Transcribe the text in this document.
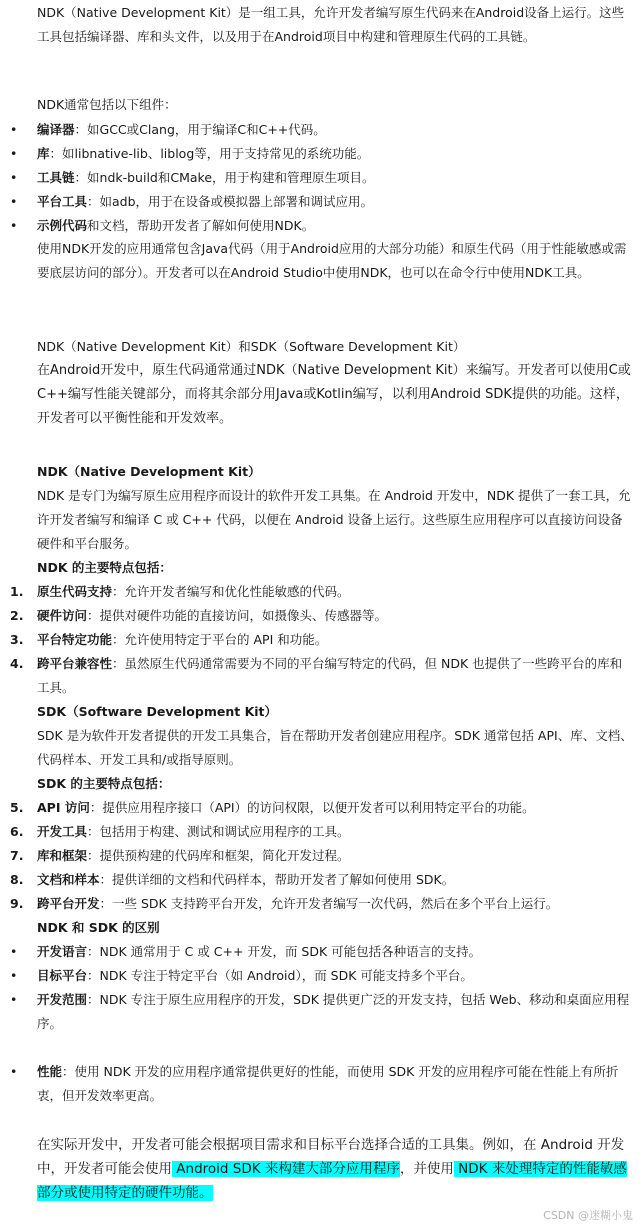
NDK（Native Development Kit）是一组工具，允许开发者编写原生代码来在Android设备上运行。这些工具包括编译器、库和头文件，以及用于在Android项目中构建和管理原生代码的工具链。

NDK通常包括以下组件：

•	编译器：如GCC或Clang，用于编译C和C++代码。
•	库：如libnative-lib、liblog等，用于支持常见的系统功能。
•	工具链：如ndk-build和CMake，用于构建和管理原生项目。
•	平台工具：如adb，用于在设备或模拟器上部署和调试应用。
•	示例代码和文档，帮助开发者了解如何使用NDK。

使用NDK开发的应用通常包含Java代码（用于Android应用的大部分功能）和原生代码（用于性能敏感或需要底层访问的部分）。开发者可以在Android Studio中使用NDK，也可以在命令行中使用NDK工具。

NDK（Native Development Kit）和SDK（Software Development Kit）

在Android开发中，原生代码通常通过NDK（Native Development Kit）来编写。开发者可以使用C或C++编写性能关键部分，而将其余部分用Java或Kotlin编写，以利用Android SDK提供的功能。这样，开发者可以平衡性能和开发效率。

NDK（Native Development Kit）

NDK 是专门为编写原生应用程序而设计的软件开发工具集。在 Android 开发中，NDK 提供了一套工具，允许开发者编写和编译 C 或 C++ 代码，以便在 Android 设备上运行。这些原生应用程序可以直接访问设备硬件和平台服务。

NDK 的主要特点包括：

1. 原生代码支持：允许开发者编写和优化性能敏感的代码。
2. 硬件访问：提供对硬件功能的直接访问，如摄像头、传感器等。
3. 平台特定功能：允许使用特定于平台的 API 和功能。
4. 跨平台兼容性：虽然原生代码通常需要为不同的平台编写特定的代码，但 NDK 也提供了一些跨平台的库和工具。

SDK（Software Development Kit）

SDK 是为软件开发者提供的开发工具集合，旨在帮助开发者创建应用程序。SDK 通常包括 API、库、文档、代码样本、开发工具和/或指导原则。

SDK 的主要特点包括：

5. API 访问：提供应用程序接口（API）的访问权限，以便开发者可以利用特定平台的功能。
6. 开发工具：包括用于构建、测试和调试应用程序的工具。
7. 库和框架：提供预构建的代码库和框架，简化开发过程。
8. 文档和样本：提供详细的文档和代码样本，帮助开发者了解如何使用 SDK。
9. 跨平台开发：一些 SDK 支持跨平台开发，允许开发者编写一次代码，然后在多个平台上运行。

NDK 和 SDK 的区别

•	开发语言：NDK 通常用于 C 或 C++ 开发，而 SDK 可能包括各种语言的支持。
•	目标平台：NDK 专注于特定平台（如 Android），而 SDK 可能支持多个平台。
•	开发范围：NDK 专注于原生应用程序的开发，SDK 提供更广泛的开发支持，包括 Web、移动和桌面应用程序。
•	性能：使用 NDK 开发的应用程序通常提供更好的性能，而使用 SDK 开发的应用程序可能在性能上有所折衷，但开发效率更高。

在实际开发中，开发者可能会根据项目需求和目标平台选择合适的工具集。例如，在 Android 开发中，开发者可能会使用 Android SDK 来构建大部分应用程序，并使用 NDK 来处理特定的性能敏感部分或使用特定的硬件功能。

CSDN @迷糊小鬼
